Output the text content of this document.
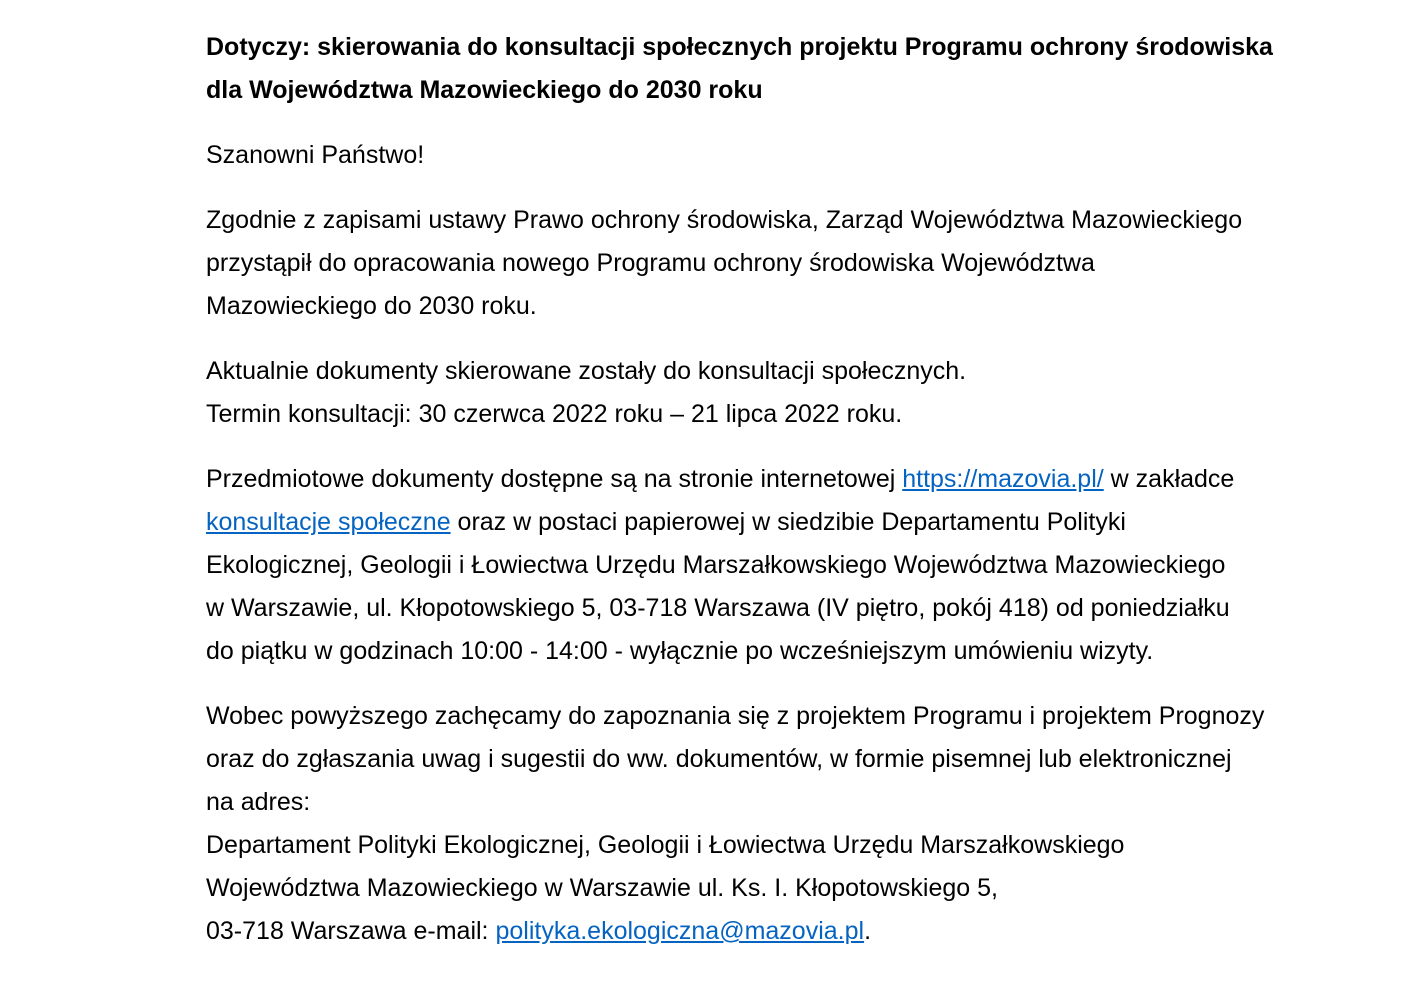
Dotyczy: skierowania do konsultacji społecznych projektu Programu ochrony środowiska
dla Województwa Mazowieckiego do 2030 roku
Szanowni Państwo!
Zgodnie z zapisami ustawy Prawo ochrony środowiska, Zarząd Województwa Mazowieckiego
przystąpił do opracowania nowego Programu ochrony środowiska Województwa
Mazowieckiego do 2030 roku.
Aktualnie dokumenty skierowane zostały do konsultacji społecznych.
Termin konsultacji: 30 czerwca 2022 roku – 21 lipca 2022 roku.
Przedmiotowe dokumenty dostępne są na stronie internetowej https://mazovia.pl/ w zakładce
konsultacje społeczne oraz w postaci papierowej w siedzibie Departamentu Polityki
Ekologicznej, Geologii i Łowiectwa Urzędu Marszałkowskiego Województwa Mazowieckiego
w Warszawie, ul. Kłopotowskiego 5, 03-718 Warszawa (IV piętro, pokój 418) od poniedziałku
do piątku w godzinach 10:00 - 14:00 - wyłącznie po wcześniejszym umówieniu wizyty.
Wobec powyższego zachęcamy do zapoznania się z projektem Programu i projektem Prognozy
oraz do zgłaszania uwag i sugestii do ww. dokumentów, w formie pisemnej lub elektronicznej
na adres:
Departament Polityki Ekologicznej, Geologii i Łowiectwa Urzędu Marszałkowskiego
Województwa Mazowieckiego w Warszawie ul. Ks. I. Kłopotowskiego 5,
03-718 Warszawa e-mail: polityka.ekologiczna@mazovia.pl.
